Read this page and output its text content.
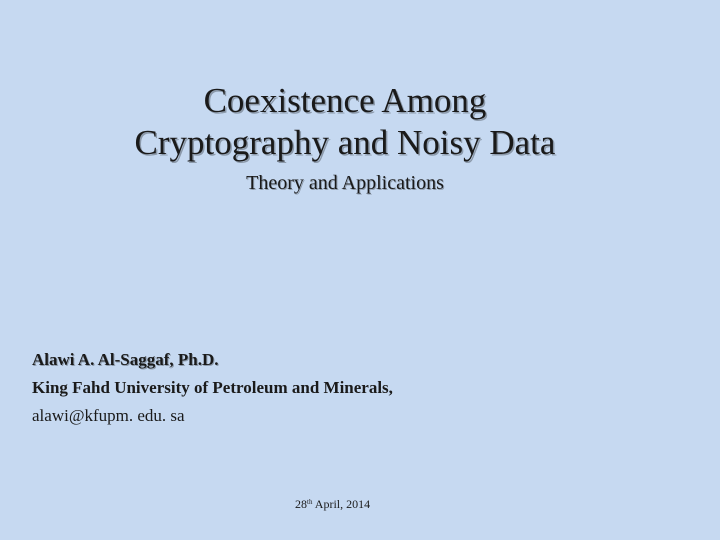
Coexistence Among
Cryptography and Noisy Data
Theory and Applications
Alawi A. Al-Saggaf, Ph.D.
King Fahd University of Petroleum and Minerals,
alawi@kfupm. edu. sa
28th April, 2014
